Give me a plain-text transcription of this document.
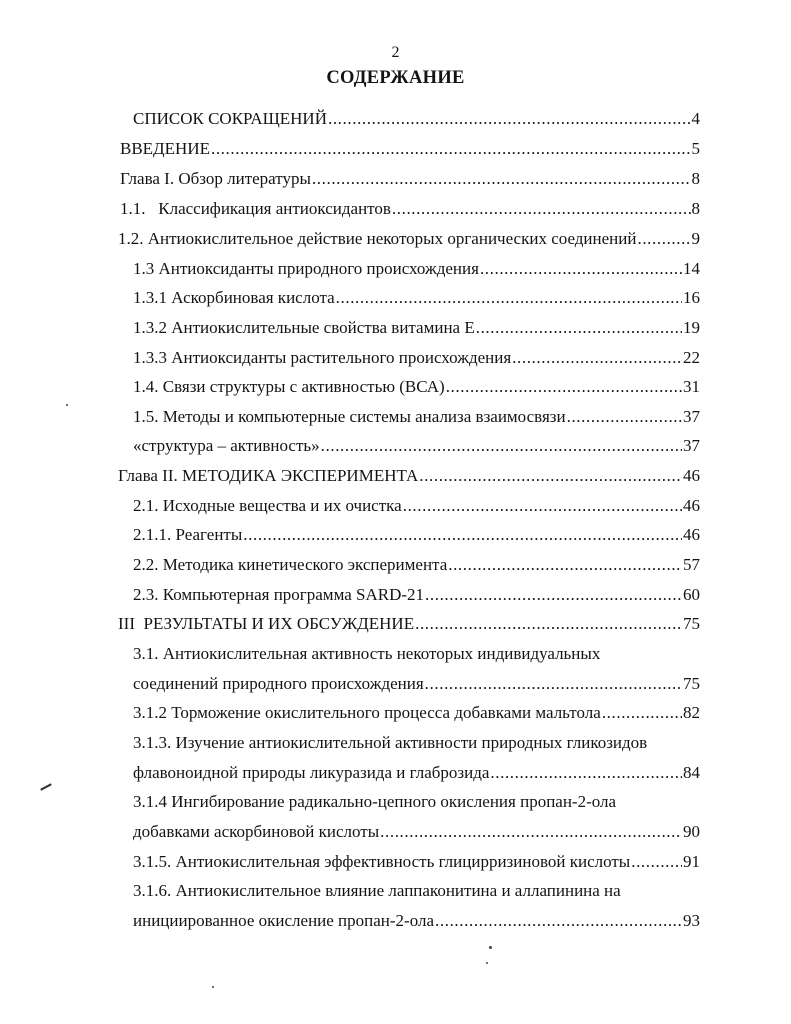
2
СОДЕРЖАНИЕ
СПИСОК СОКРАЩЕНИЙ .....	4
ВВЕДЕНИЕ .....	5
Глава I. Обзор литературы .....	8
1.1.   Классификация антиоксидантов .....	8
1.2. Антиокислительное действие некоторых органических соединений .....	9
1.3 Антиоксиданты природного происхождения .....	14
1.3.1 Аскорбиновая кислота .....	16
1.3.2 Антиокислительные свойства витамина Е .....	19
1.3.3 Антиоксиданты растительного происхождения .....	22
1.4. Связи структуры с активностью (ВСА) .....	31
1.5. Методы и компьютерные системы анализа взаимосвязи .....	37
«структура – активность» .....	37
Глава II. МЕТОДИКА ЭКСПЕРИМЕНТА .....	46
2.1. Исходные вещества и их очистка .....	46
2.1.1. Реагенты .....	46
2.2. Методика кинетического эксперимента .....	57
2.3. Компьютерная программа SARD-21 .....	60
III  РЕЗУЛЬТАТЫ И ИХ ОБСУЖДЕНИЕ .....	75
3.1. Антиокислительная активность некоторых индивидуальных
соединений природного происхождения .....	75
3.1.2 Торможение окислительного процесса добавками мальтола .....	82
3.1.3. Изучение антиокислительной активности природных гликозидов
флавоноидной природы ликуразида и глаброзида .....	84
3.1.4 Ингибирование радикально-цепного окисления пропан-2-ола
добавками аскорбиновой кислоты .....	90
3.1.5. Антиокислительная эффективность глицирризиновой кислоты .....	91
3.1.6. Антиокислительное влияние лаппаконитина и аллапинина на
инициированное окисление пропан-2-ола .....	93
